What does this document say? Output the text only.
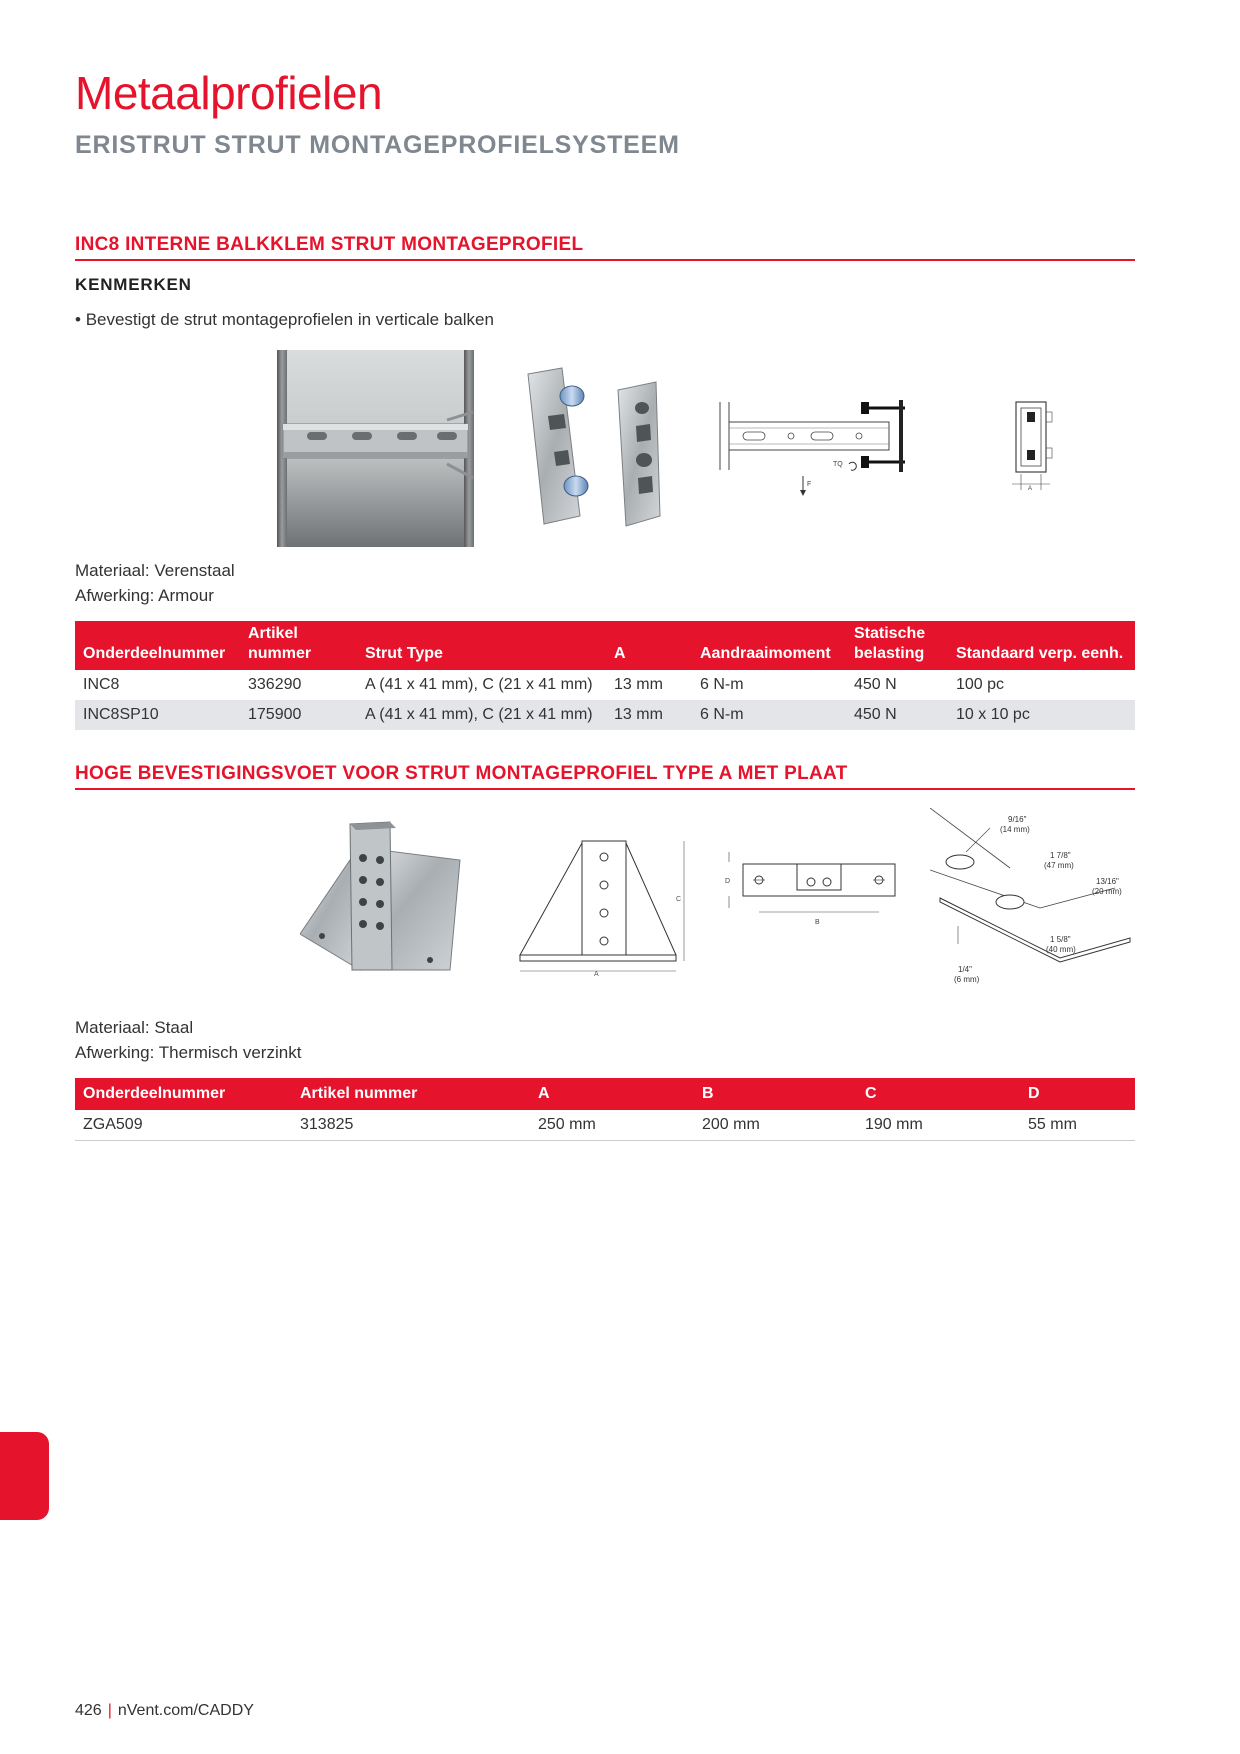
Metaalprofielen
ERISTRUT STRUT MONTAGEPROFIELSYSTEEM
INC8 INTERNE BALKKLEM STRUT MONTAGEPROFIEL
KENMERKEN
• Bevestigt de strut montageprofielen in verticale balken
F
TQ
A
Materiaal: Verenstaal
Afwerking: Armour
Onderdeelnummer	Artikel nummer	Strut Type	A	Aandraaimoment	Statische belasting	Standaard verp. eenh.
INC8	336290	A (41 x 41 mm), C (21 x 41 mm)	13 mm	6 N-m	450 N	100 pc
INC8SP10	175900	A (41 x 41 mm), C (21 x 41 mm)	13 mm	6 N-m	450 N	10 x 10 pc
HOGE BEVESTIGINGSVOET VOOR STRUT MONTAGEPROFIEL TYPE A MET PLAAT
A
C
D
B
9/16"
(14 mm)
1 7/8"
(47 mm)
13/16"
(20 mm)
1 5/8"
(40 mm)
1/4"
(6 mm)
Materiaal: Staal
Afwerking: Thermisch verzinkt
Onderdeelnummer	Artikel nummer	A	B	C	D
ZGA509	313825	250 mm	200 mm	190 mm	55 mm
426 | nVent.com/CADDY
